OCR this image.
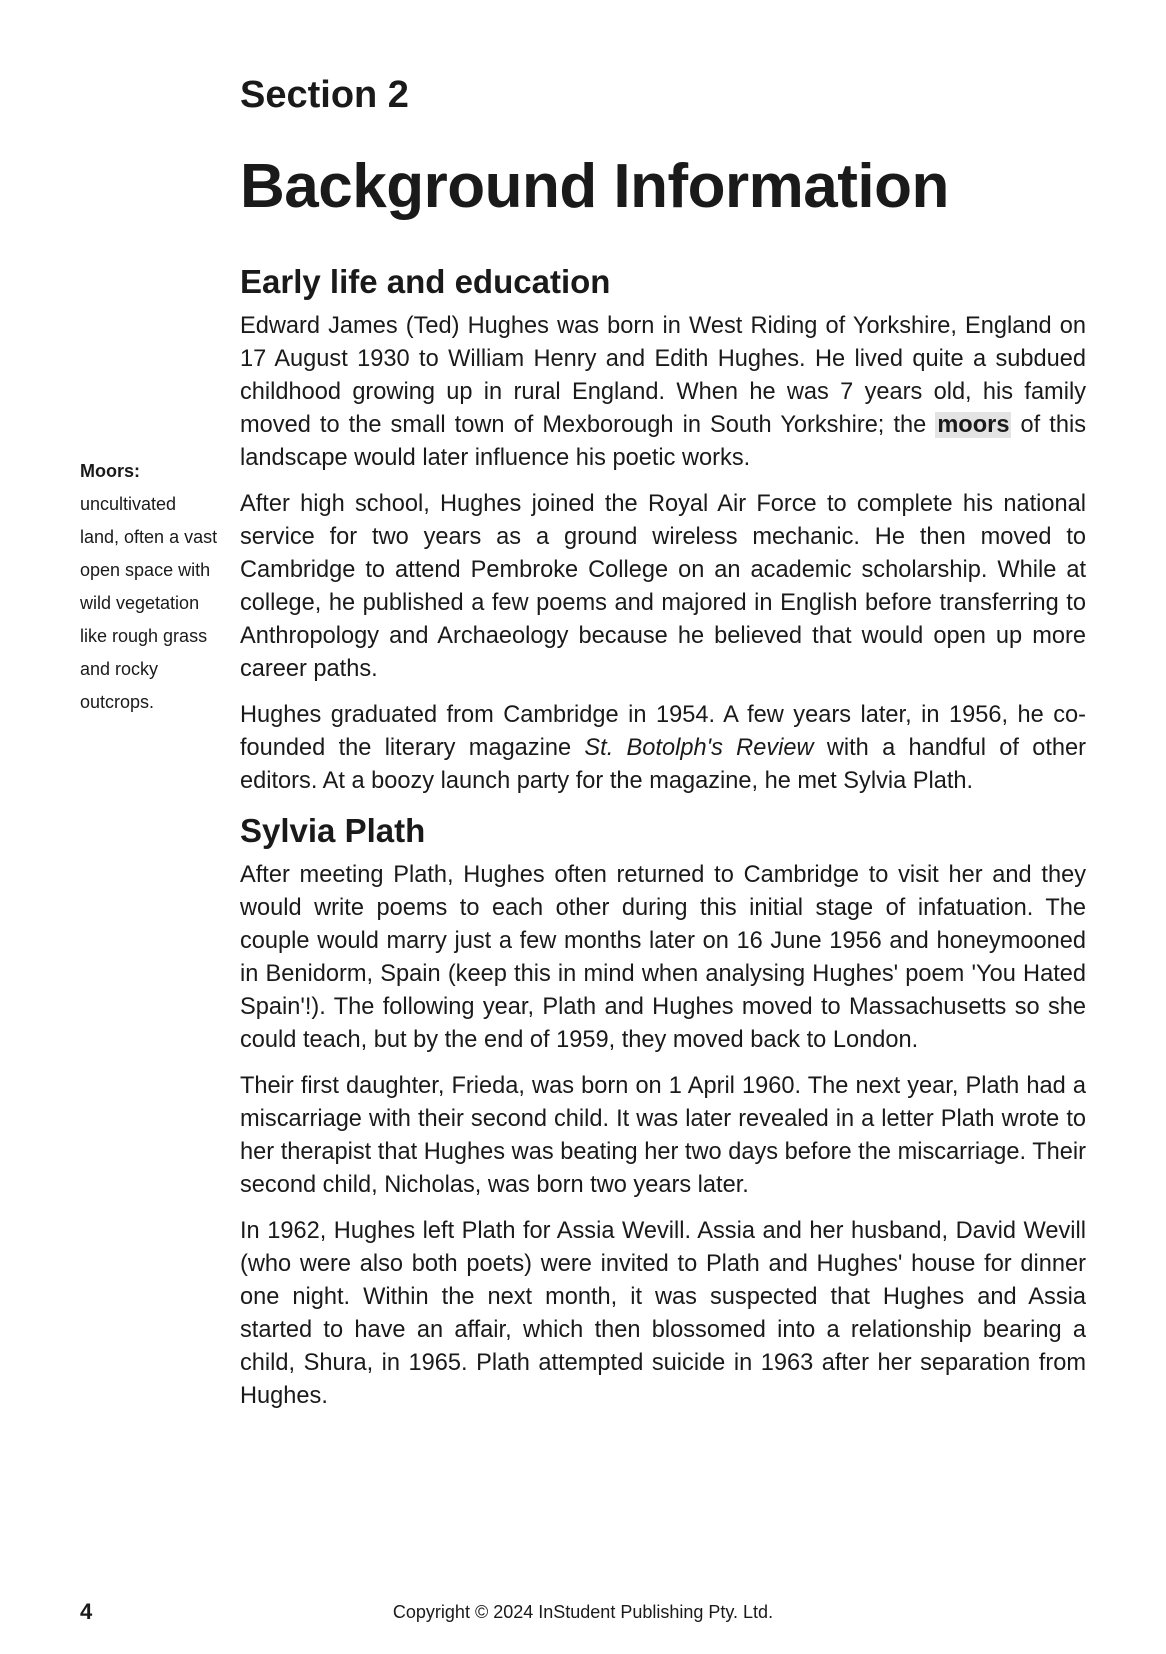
Section 2
Background Information
Moors:
uncultivated land, often a vast open space with wild vegetation like rough grass and rocky outcrops.
Early life and education

Edward James (Ted) Hughes was born in West Riding of Yorkshire, England on 17 August 1930 to William Henry and Edith Hughes. He lived quite a subdued childhood growing up in rural England. When he was 7 years old, his family moved to the small town of Mexborough in South Yorkshire; the moors of this landscape would later influence his poetic works.

After high school, Hughes joined the Royal Air Force to complete his national service for two years as a ground wireless mechanic. He then moved to Cambridge to attend Pembroke College on an academic scholarship. While at college, he published a few poems and majored in English before transferring to Anthropology and Archaeology because he believed that would open up more career paths.

Hughes graduated from Cambridge in 1954. A few years later, in 1956, he co-founded the literary magazine St. Botolph's Review with a handful of other editors. At a boozy launch party for the magazine, he met Sylvia Plath.

Sylvia Plath

After meeting Plath, Hughes often returned to Cambridge to visit her and they would write poems to each other during this initial stage of infatuation. The couple would marry just a few months later on 16 June 1956 and honeymooned in Benidorm, Spain (keep this in mind when analysing Hughes' poem 'You Hated Spain'!). The following year, Plath and Hughes moved to Massachusetts so she could teach, but by the end of 1959, they moved back to London.

Their first daughter, Frieda, was born on 1 April 1960. The next year, Plath had a miscarriage with their second child. It was later revealed in a letter Plath wrote to her therapist that Hughes was beating her two days before the miscarriage. Their second child, Nicholas, was born two years later.

In 1962, Hughes left Plath for Assia Wevill. Assia and her husband, David Wevill (who were also both poets) were invited to Plath and Hughes' house for dinner one night. Within the next month, it was suspected that Hughes and Assia started to have an affair, which then blossomed into a relationship bearing a child, Shura, in 1965. Plath attempted suicide in 1963 after her separation from Hughes.

4	Copyright © 2024 InStudent Publishing Pty. Ltd.
